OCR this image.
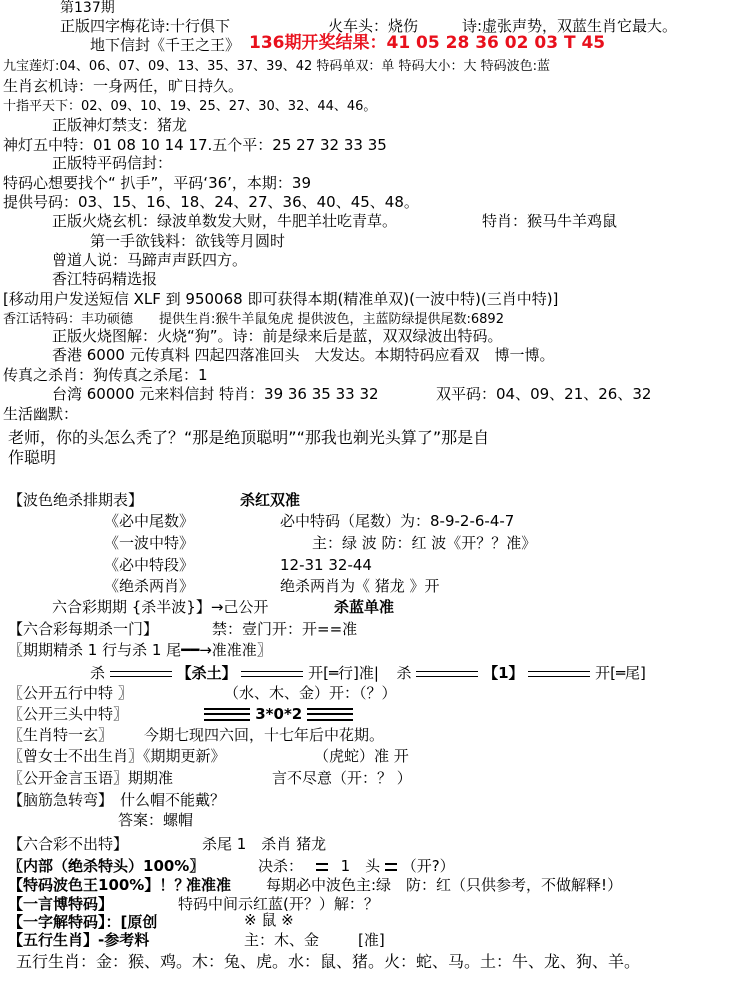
第137期
正版四字梅花诗:十行俱下	火车头：烧伤	诗:虚张声势，双蓝生肖它最大。
地下信封《千王之王》 136期开奖结果：41 05 28 36 02 03 T 45
九宝莲灯:04、06、07、09、13、35、37、39、42 特码单双：单 特码大小：大 特码波色:蓝
生肖玄机诗：一身两任，旷日持久。
十指平天下：02、09、10、19、25、27、30、32、44、46。
正版神灯禁支：猪龙
神灯五中特：01 08 10 14 17.五个平：25 27 32 33 35
正版特平码信封：
特码心想要找个“ 扒手”，平码‘36’，本期：39
提供号码：03、15、16、18、24、27、36、40、45、48。
正版火烧玄机：绿波单数发大财，牛肥羊壮吃青草。	特肖：猴马牛羊鸡鼠
第一手欲钱料：欲钱等月圆时
曾道人说：马蹄声声跃四方。
香江特码精选报
[移动用户发送短信 XLF 到 950068 即可获得本期(精准单双)(一波中特)(三肖中特)]
香江话特码：丰功硕德　　提供生肖:猴牛羊鼠兔虎 提供波色，主蓝防绿提供尾数:6892
正版火烧图解：火烧“狗”。诗：前是绿来后是蓝，双双绿波出特码。
香港 6000 元传真料 四起四落准回头　大发达。本期特码应看双　博一博。
传真之杀肖：狗传真之杀尾：1
台湾 60000 元来料信封 特肖：39 36 35 33 32	双平码：04、09、21、26、32
生活幽默：
老师，你的头怎么秃了？“那是绝顶聪明”“那我也剃光头算了”那是自
作聪明
【波色绝杀排期表】	杀红双准
《必中尾数》	必中特码（尾数）为：8-9-2-6-4-7
《一波中特》	主：绿 波 防：红 波《开？？准》
《必中特段》	12-31 32-44
《绝杀两肖》	绝杀两肖为《 猪龙 》开
六合彩期期 {杀半波}】→己公开	杀蓝单准
【六合彩每期杀一门】	禁：壹门开：开==准
〖期期精杀 1 行与杀 1 尾━━→准准准〗
杀	【杀土】	开[═行]准| 杀	【1】	开[═尾]
〖公开五行中特 〗	（水、木、金）开：（？）
〖公开三头中特〗	3*0*2
〖生肖特一玄〗 今期七现四六回，十七年后中花期。
〖曾女士不出生肖〗《期期更新》	（虎蛇）准 开
〖公开金言玉语〗期期准	言不尽意（开：？ ）
【脑筋急转弯】 什么帽不能戴？
答案：螺帽
【六合彩不出特】	杀尾 1　杀肖 猪龙
〖内部（绝杀特头）100%〗	决杀：	1　头 （开?）
【特码波色王100%】！？
准准准 每期必中波色主:绿　防：红（只供参考，不做解释!）
【一言博特码】	特码中间示红蓝(开？）解：？
【一字解特码】：[原创	※ 鼠 ※
【五行生肖】-参考料	主：木、金	[准]
五行生肖：金：猴、鸡。木：兔、虎。水：鼠、猪。火：蛇、马。土：牛、龙、狗、羊。
